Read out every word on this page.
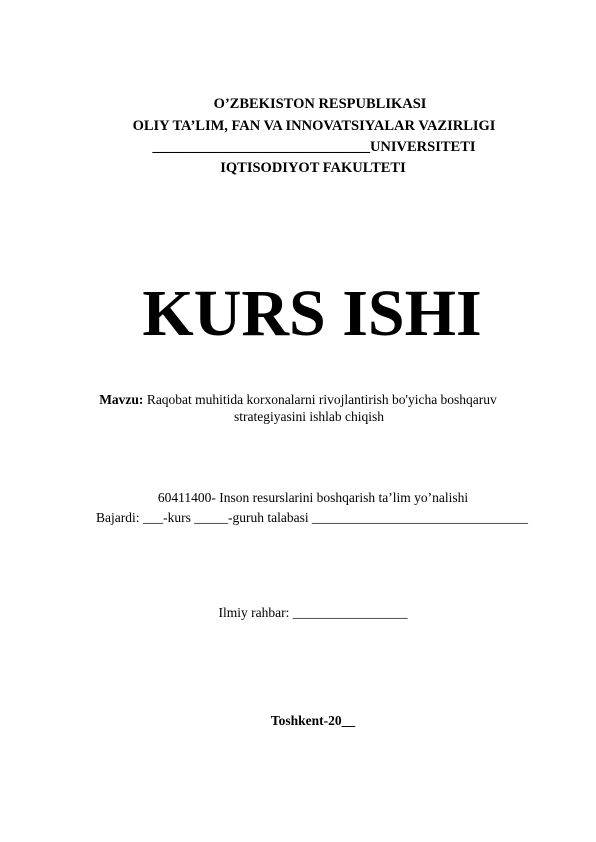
O’ZBEKISTON RESPUBLIKASI
OLIY TA’LIM, FAN VA INNOVATSIYALAR VAZIRLIGI
______________________________UNIVERSITETI
IQTISODIYOT FAKULTETI
KURS ISHI
Mavzu: Raqobat muhitida korxonalarni rivojlantirish bo'yicha boshqaruv
strategiyasini ishlab chiqish
60411400- Inson resurslarini boshqarish ta’lim yo’nalishi
Bajardi: ___-kurs _____-guruh talabasi ________________________________
Ilmiy rahbar: _________________
Toshkent-20__
